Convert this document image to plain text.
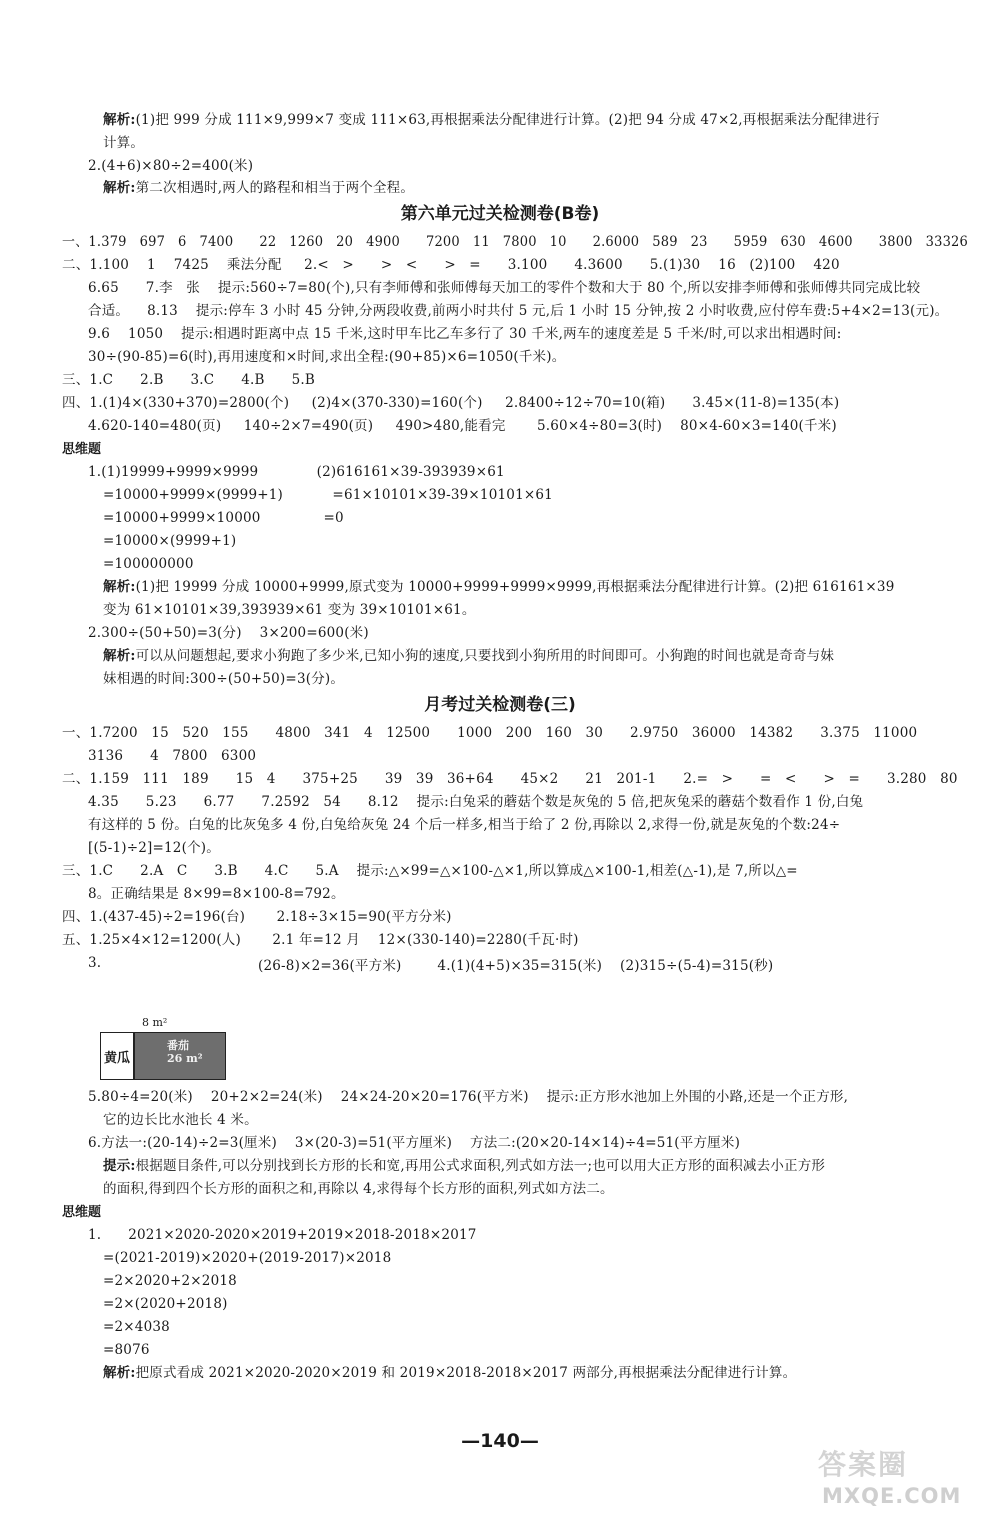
解析:(1)把 999 分成 111×9,999×7 变成 111×63,再根据乘法分配律进行计算。(2)把 94 分成 47×2,再根据乘法分配律进行
计算。
2.(4+6)×80÷2=400(米)
解析:第二次相遇时,两人的路程和相当于两个全程。
一、1.379   697   6   7400      22   1260   20   4900      7200   11   7800   10      2.6000   589   23      5959   630   4600      3800   33326
二、1.100    1    7425    乘法分配     2.<   >      >   <      >   =      3.100      4.3600      5.(1)30    16   (2)100    420
6.65      7.李   张    提示:560÷7=80(个),只有李师傅和张师傅每天加工的零件个数和大于 80 个,所以安排李师傅和张师傅共同完成比较
合适。    8.13    提示:停车 3 小时 45 分钟,分两段收费,前两小时共付 5 元,后 1 小时 15 分钟,按 2 小时收费,应付停车费:5+4×2=13(元)。
9.6    1050    提示:相遇时距离中点 15 千米,这时甲车比乙车多行了 30 千米,两车的速度差是 5 千米/时,可以求出相遇时间:
30÷(90-85)=6(时),再用速度和×时间,求出全程:(90+85)×6=1050(千米)。
三、1.C      2.B      3.C      4.B      5.B
四、1.(1)4×(330+370)=2800(个)     (2)4×(370-330)=160(个)     2.8400÷12÷70=10(箱)      3.45×(11-8)=135(本)
4.620-140=480(页)     140÷2×7=490(页)     490>480,能看完       5.60×4÷80=3(时)    80×4-60×3=140(千米)
1.(1)19999+9999×9999             (2)616161×39-393939×61
=10000+9999×(9999+1)           =61×10101×39-39×10101×61
=10000+9999×10000              =0
=10000×(9999+1)
=100000000
解析:(1)把 19999 分成 10000+9999,原式变为 10000+9999+9999×9999,再根据乘法分配律进行计算。(2)把 616161×39
变为 61×10101×39,393939×61 变为 39×10101×61。
2.300÷(50+50)=3(分)    3×200=600(米)
解析:可以从问题想起,要求小狗跑了多少米,已知小狗的速度,只要找到小狗所用的时间即可。小狗跑的时间也就是奇奇与妹
妹相遇的时间:300÷(50+50)=3(分)。
一、1.7200   15   520   155      4800   341   4   12500      1000   200   160   30      2.9750   36000   14382      3.375   11000
3136      4   7800   6300
二、1.159   111   189      15   4      375+25      39   39   36+64      45×2      21   201-1      2.=   >      =   <      >   =      3.280   80
4.35      5.23      6.77      7.2592   54      8.12    提示:白兔采的蘑菇个数是灰兔的 5 倍,把灰兔采的蘑菇个数看作 1 份,白兔
有这样的 5 份。白兔的比灰兔多 4 份,白兔给灰兔 24 个后一样多,相当于给了 2 份,再除以 2,求得一份,就是灰兔的个数:24÷
[(5-1)÷2]=12(个)。
三、1.C      2.A   C      3.B      4.C      5.A    提示:△×99=△×100-△×1,所以算成△×100-1,相差(△-1),是 7,所以△=
8。正确结果是 8×99=8×100-8=792。
四、1.(437-45)÷2=196(台)       2.18÷3×15=90(平方分米)
五、1.25×4×12=1200(人)       2.1 年=12 月    12×(330-140)=2280(千瓦·时)
3.	(26-8)×2=36(平方米)        4.(1)(4+5)×35=315(米)    (2)315÷(5-4)=315(秒)
5.80÷4=20(米)    20+2×2=24(米)    24×24-20×20=176(平方米)    提示:正方形水池加上外围的小路,还是一个正方形,
它的边长比水池长 4 米。
6.方法一:(20-14)÷2=3(厘米)    3×(20-3)=51(平方厘米)    方法二:(20×20-14×14)÷4=51(平方厘米)
提示:根据题目条件,可以分别找到长方形的长和宽,再用公式求面积,列式如方法一;也可以用大正方形的面积减去小正方形
的面积,得到四个长方形的面积之和,再除以 4,求得每个长方形的面积,列式如方法二。
1.      2021×2020-2020×2019+2019×2018-2018×2017
=(2021-2019)×2020+(2019-2017)×2018
=2×2020+2×2018
=2×(2020+2018)
=2×4038
=8076
解析:把原式看成 2021×2020-2020×2019 和 2019×2018-2018×2017 两部分,再根据乘法分配律进行计算。
第六单元过关检测卷(B卷)
月考过关检测卷(三)
思维题
思维题
8 m²
黄瓜
番茄
26 m²
—140—
答案圈
MXQE.COM
